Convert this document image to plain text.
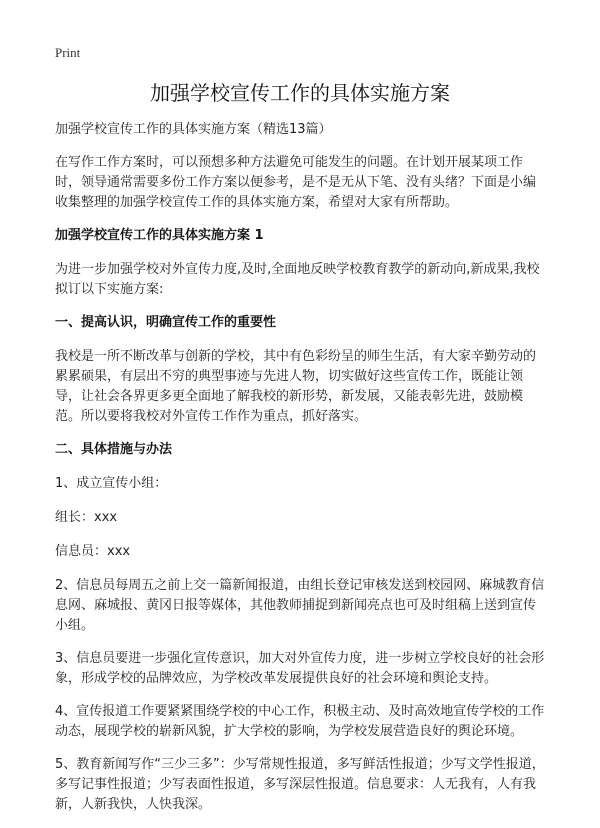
Print
加强学校宣传工作的具体实施方案

加强学校宣传工作的具体实施方案（精选13篇）

在写作工作方案时，可以预想多种方法避免可能发生的问题。在计划开展某项工作时，领导通常需要多份工作方案以便参考，是不是无从下笔、没有头绪？下面是小编收集整理的加强学校宣传工作的具体实施方案，希望对大家有所帮助。

加强学校宣传工作的具体实施方案 1

为进一步加强学校对外宣传力度,及时,全面地反映学校教育教学的新动向,新成果,我校拟订以下实施方案:

一、提高认识，明确宣传工作的重要性

我校是一所不断改革与创新的学校，其中有色彩纷呈的师生生活，有大家辛勤劳动的累累硕果，有层出不穷的典型事迹与先进人物，切实做好这些宣传工作，既能让领导，让社会各界更多更全面地了解我校的新形势，新发展，又能表彰先进，鼓励模范。所以要将我校对外宣传工作作为重点，抓好落实。

二、具体措施与办法

1、成立宣传小组：

组长：xxx

信息员：xxx

2、信息员每周五之前上交一篇新闻报道，由组长登记审核发送到校园网、麻城教育信息网、麻城报、黄冈日报等媒体，其他教师捕捉到新闻亮点也可及时组稿上送到宣传小组。

3、信息员要进一步强化宣传意识，加大对外宣传力度，进一步树立学校良好的社会形象，形成学校的品牌效应，为学校改革发展提供良好的社会环境和舆论支持。

4、宣传报道工作要紧紧围绕学校的中心工作，积极主动、及时高效地宣传学校的工作动态，展现学校的崭新风貌，扩大学校的影响，为学校发展营造良好的舆论环境。

5、教育新闻写作“三少三多”：少写常规性报道，多写鲜活性报道；少写文学性报道，多写记事性报道；少写表面性报道，多写深层性报道。信息要求：人无我有，人有我新，人新我快，人快我深。
